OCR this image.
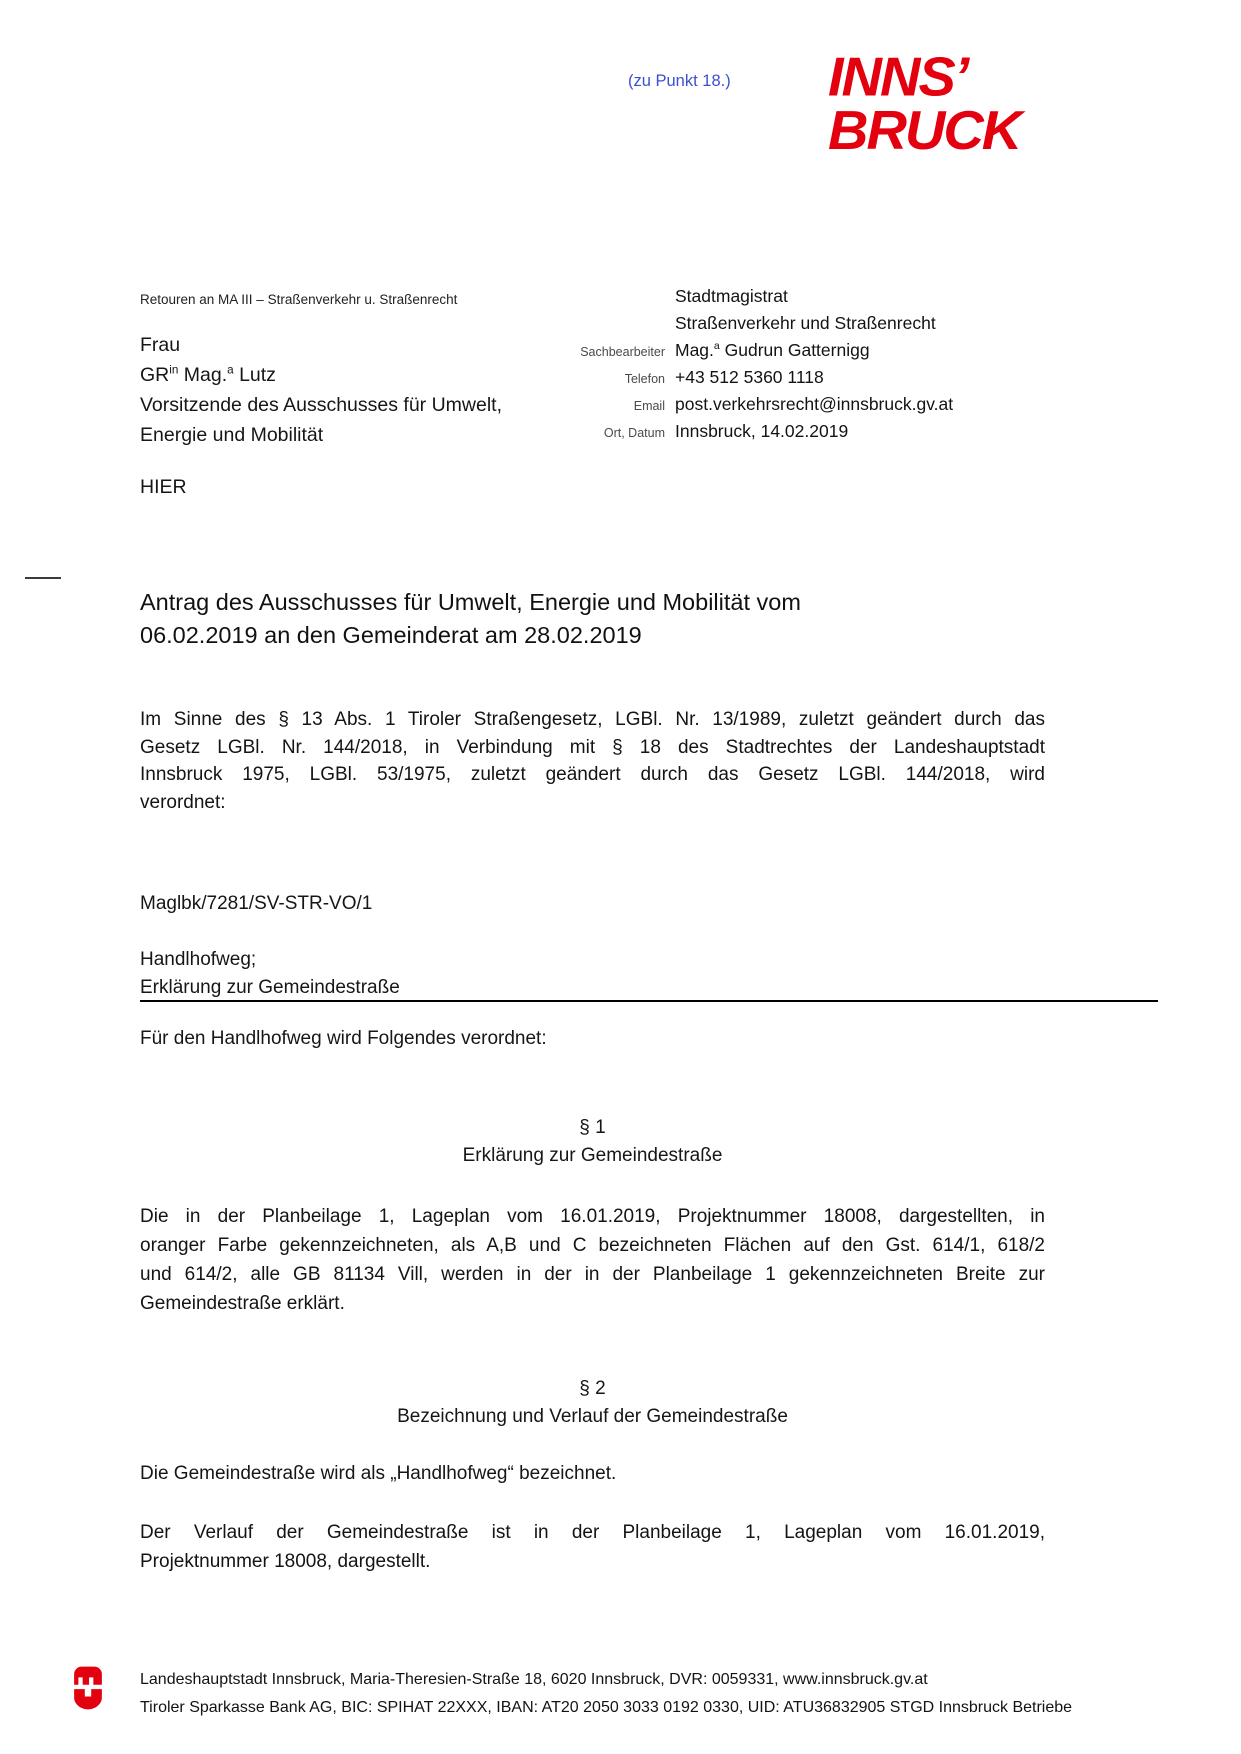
(zu Punkt 18.) INNS’
BRUCK
Retouren an MA III – Straßenverkehr u. Straßenrecht
Frau
$GR^{in}$ Mag.$^a$ Lutz
Vorsitzende des Ausschusses für Umwelt,
Energie und Mobilität
HIER
Stadtmagistrat
Straßenverkehr und Straßenrecht
Sachbearbeiter Mag.$^a$ Gudrun Gatternigg
Telefon +43 512 5360 1118
Email post.verkehrsrecht@innsbruck.gv.at
Ort, Datum Innsbruck, 14.02.2019
Antrag des Ausschusses für Umwelt, Energie und Mobilität vom
06.02.2019 an den Gemeinderat am 28.02.2019
Im Sinne des § 13 Abs. 1 Tiroler Straßengesetz, LGBl. Nr. 13/1989, zuletzt geändert durch das
Gesetz LGBl. Nr. 144/2018, in Verbindung mit § 18 des Stadtrechtes der Landeshauptstadt
Innsbruck 1975, LGBl. 53/1975, zuletzt geändert durch das Gesetz LGBl. 144/2018, wird
verordnet:
Maglbk/7281/SV-STR-VO/1
Handlhofweg;
Erklärung zur Gemeindestraße
Für den Handlhofweg wird Folgendes verordnet:
§ 1
Erklärung zur Gemeindestraße
Die in der Planbeilage 1, Lageplan vom 16.01.2019, Projektnummer 18008, dargestellten, in
oranger Farbe gekennzeichneten, als A,B und C bezeichneten Flächen auf den Gst. 614/1, 618/2
und 614/2, alle GB 81134 Vill, werden in der in der Planbeilage 1 gekennzeichneten Breite zur
Gemeindestraße erklärt.
§ 2
Bezeichnung und Verlauf der Gemeindestraße
Die Gemeindestraße wird als „Handlhofweg“ bezeichnet.
Der Verlauf der Gemeindestraße ist in der Planbeilage 1, Lageplan vom 16.01.2019,
Projektnummer 18008, dargestellt.
Landeshauptstadt Innsbruck, Maria-Theresien-Straße 18, 6020 Innsbruck, DVR: 0059331, www.innsbruck.gv.at
Tiroler Sparkasse Bank AG, BIC: SPIHAT 22XXX, IBAN: AT20 2050 3033 0192 0330, UID: ATU36832905 STGD Innsbruck Betriebe
